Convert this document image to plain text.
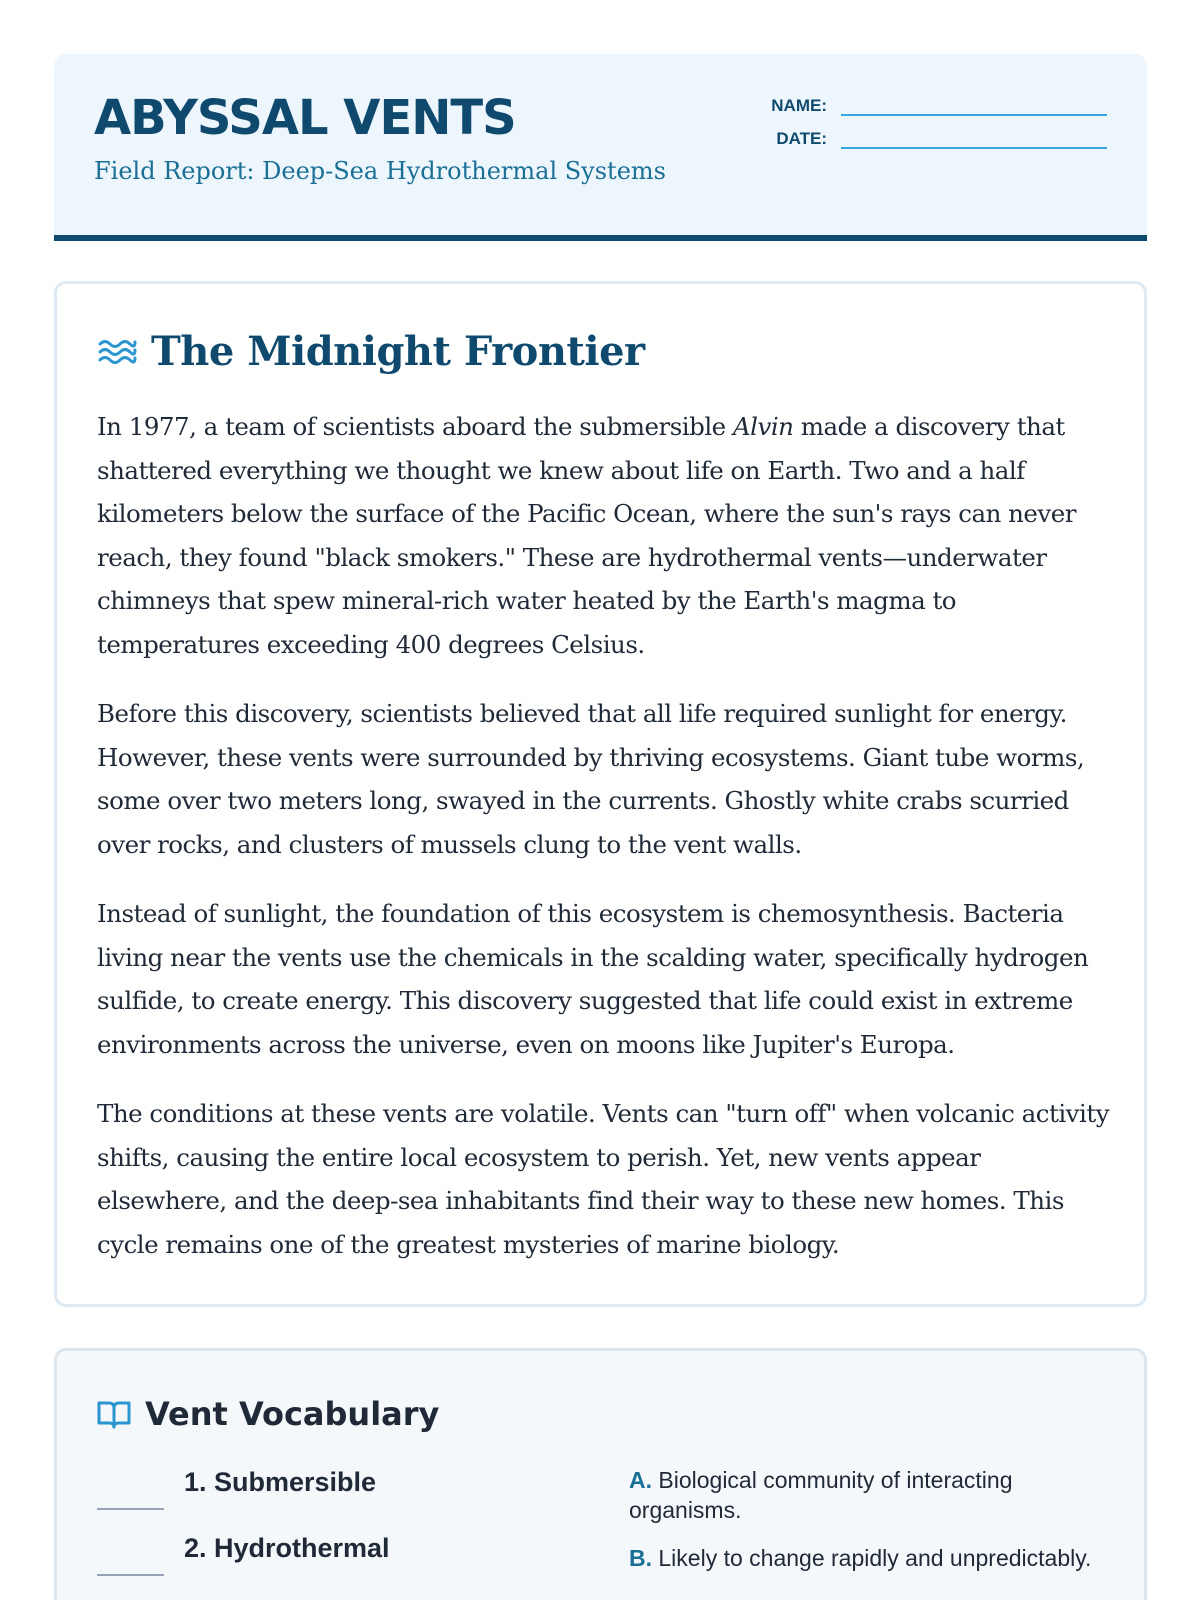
ABYSSAL VENTS
Field Report: Deep-Sea Hydrothermal Systems
NAME:
DATE:
The Midnight Frontier

In 1977, a team of scientists aboard the submersible Alvin made a discovery that shattered everything we thought we knew about life on Earth. Two and a half kilometers below the surface of the Pacific Ocean, where the sun's rays can never reach, they found "black smokers." These are hydrothermal vents—underwater chimneys that spew mineral-rich water heated by the Earth's magma to temperatures exceeding 400 degrees Celsius.

Before this discovery, scientists believed that all life required sunlight for energy. However, these vents were surrounded by thriving ecosystems. Giant tube worms, some over two meters long, swayed in the currents. Ghostly white crabs scurried over rocks, and clusters of mussels clung to the vent walls.

Instead of sunlight, the foundation of this ecosystem is chemosynthesis. Bacteria living near the vents use the chemicals in the scalding water, specifically hydrogen sulfide, to create energy. This discovery suggested that life could exist in extreme environments across the universe, even on moons like Jupiter's Europa.

The conditions at these vents are volatile. Vents can "turn off" when volcanic activity shifts, causing the entire local ecosystem to perish. Yet, new vents appear elsewhere, and the deep-sea inhabitants find their way to these new homes. This cycle remains one of the greatest mysteries of marine biology.

Vent Vocabulary
1. Submersible
2. Hydrothermal
A. Biological community of interacting organisms.
B. Likely to change rapidly and unpredictably.
